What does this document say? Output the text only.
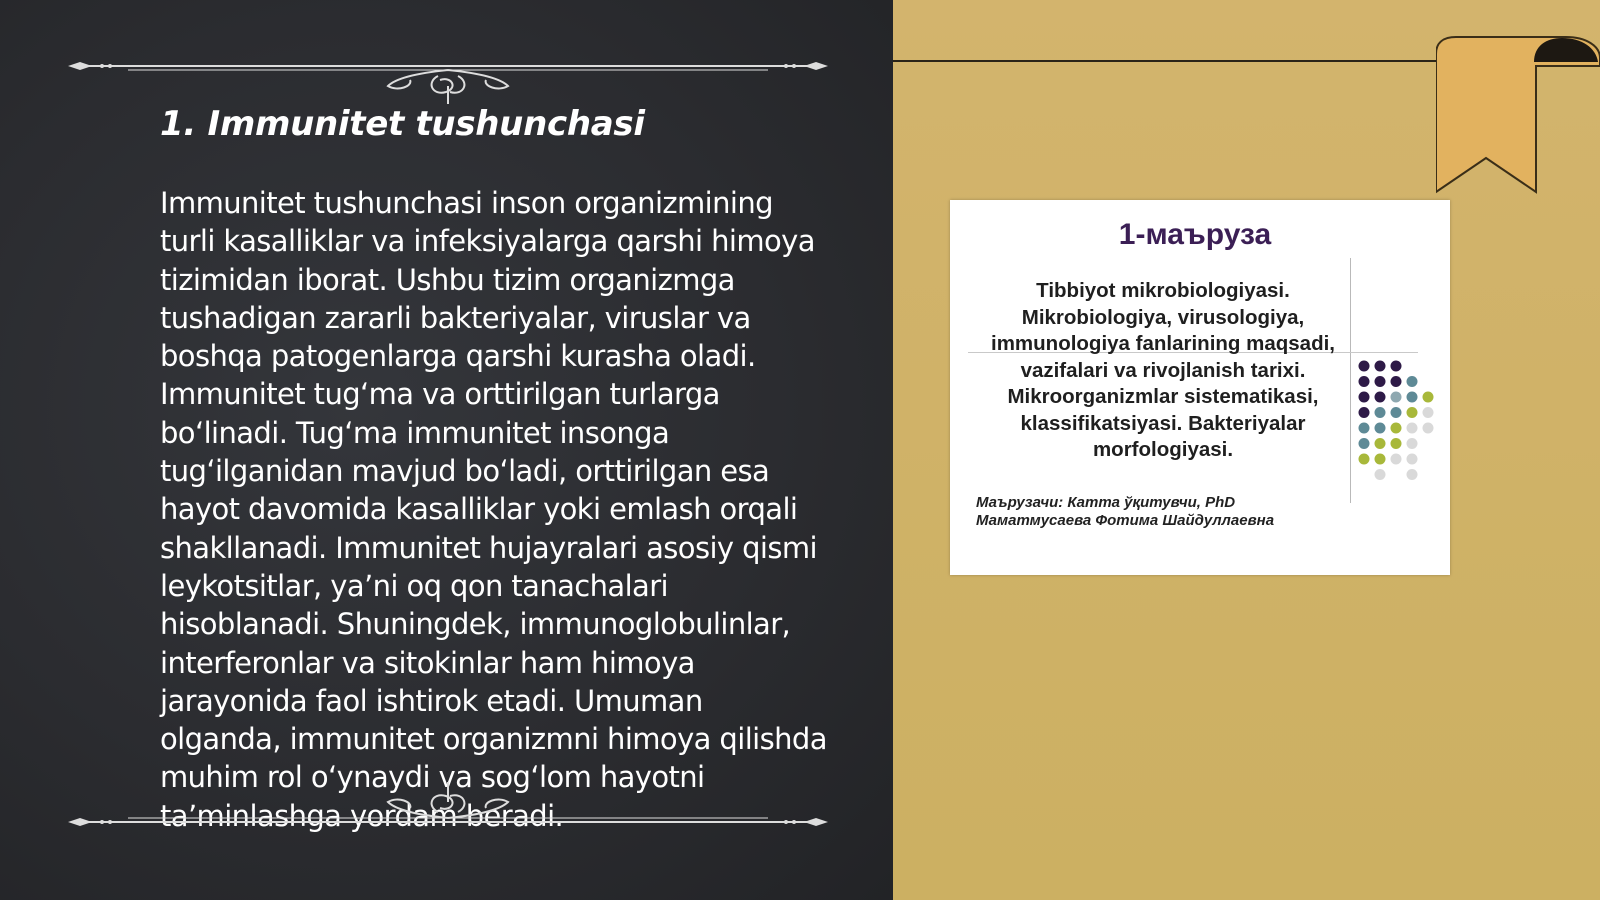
1. Immunitet tushunchasi

Immunitet tushunchasi inson organizmining turli kasalliklar va infeksiyalarga qarshi himoya tizimidan iborat. Ushbu tizim organizmga tushadigan zararli bakteriyalar, viruslar va boshqa patogenlarga qarshi kurasha oladi. Immunitet tug‘ma va orttirilgan turlarga bo‘linadi. Tug‘ma immunitet insonga tug‘ilganidan mavjud bo‘ladi, orttirilgan esa hayot davomida kasalliklar yoki emlash orqali shakllanadi. Immunitet hujayralari asosiy qismi leykotsitlar, ya’ni oq qon tanachalari hisoblanadi. Shuningdek, immunoglobulinlar, interferonlar va sitokinlar ham himoya jarayonida faol ishtirok etadi. Umuman olganda, immunitet organizmni himoya qilishda muhim rol o‘ynaydi va sog‘lom hayotni ta’minlashga yordam beradi.

1-маъруза

Tibbiyot mikrobiologiyasi. Mikrobiologiya, virusologiya, immunologiya fanlarining maqsadi, vazifalari va rivojlanish tarixi. Mikroorganizmlar sistematikasi, klassifikatsiyasi. Bakteriyalar morfologiyasi.

Маърузачи: Катта ўқитувчи, PhD
Маматмусаева Фотима Шайдуллаевна
